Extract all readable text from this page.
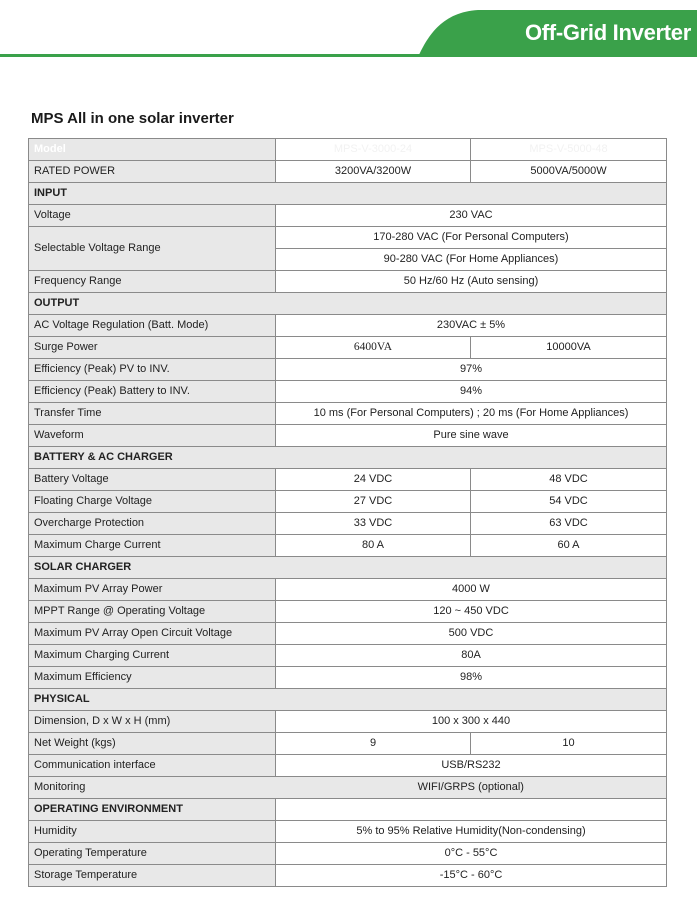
Off-Grid Inverter
MPS All in one solar inverter
Model	MPS-V-3000-24	MPS-V-5000-48
RATED POWER	3200VA/3200W	5000VA/5000W
INPUT		
Voltage	230 VAC	
Selectable Voltage Range	170-280 VAC (For Personal Computers)	
	90-280 VAC (For Home Appliances)	
Frequency Range	50 Hz/60 Hz (Auto sensing)	
OUTPUT		
AC Voltage Regulation (Batt. Mode)	230VAC ± 5%	
Surge Power	6400VA	10000VA
Efficiency (Peak) PV to INV.	97%	
Efficiency (Peak) Battery to INV.	94%	
Transfer Time	10 ms (For Personal Computers) ; 20 ms (For Home Appliances)	
Waveform	Pure sine wave	
BATTERY & AC CHARGER		
Battery Voltage	24 VDC	48 VDC
Floating Charge Voltage	27 VDC	54 VDC
Overcharge Protection	33 VDC	63 VDC
Maximum Charge Current	80 A	60 A
SOLAR CHARGER		
Maximum PV Array Power	4000 W	
MPPT Range @ Operating Voltage	120 ~ 450 VDC	
Maximum PV Array Open Circuit Voltage	500 VDC	
Maximum Charging Current	80A	
Maximum Efficiency	98%	
PHYSICAL		
Dimension, D x W x H (mm)	100 x 300 x 440	
Net Weight (kgs)	9	10
Communication interface	USB/RS232	
Monitoring	WIFI/GRPS (optional)	
OPERATING ENVIRONMENT		
Humidity	5% to 95% Relative Humidity(Non-condensing)	
Operating Temperature	0°C - 55°C	
Storage Temperature	-15°C - 60°C	
